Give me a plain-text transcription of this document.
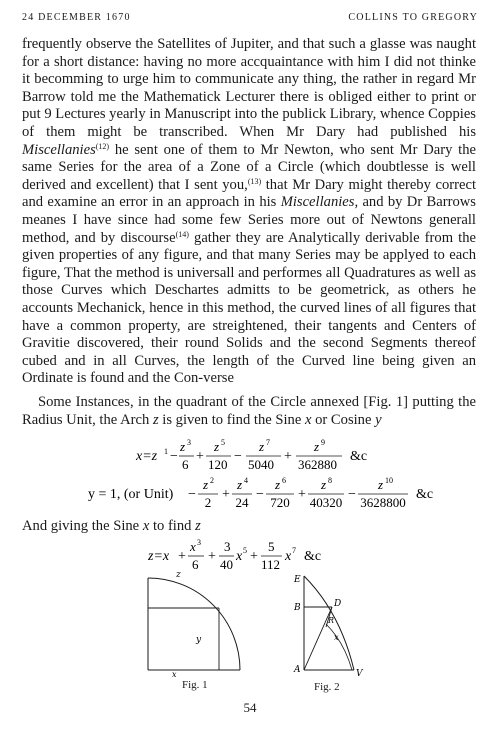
24 DECEMBER 1670	COLLINS TO GREGORY

frequently observe the Satellites of Jupiter, and that such a glasse was naught for a short distance: having no more accquaintance with him I did not thinke it becomming to urge him to communicate any thing, the rather in regard Mr Barrow told me the Mathematick Lecturer there is obliged either to print or put 9 Lectures yearly in Manuscript into the publick Library, whence Coppies of them might be transcribed. When Mr Dary had published his Miscellanies$^{(12)}$ he sent one of them to Mr Newton, who sent Mr Dary the same Series for the area of a Zone of a Circle (which doubtlesse is well derived and excellent) that I sent you,$^{(13)}$ that Mr Dary might thereby correct and examine an error in an approach in his Miscellanies, and by Dr Barrows meanes I have since had some few Series more out of Newtons generall method, and by discourse$^{(14)}$ gather they are Analytically derivable from the given properties of any figure, and that many Series may be applyed to each figure, That the method is universall and performes all Quadratures as well as those Curves which Deschartes admitts to be geometrick, as others he accounts Mechanick, hence in this method, the curved lines of all figures that have a common property, are streightened, their tangents and Centers of Gravitie discovered, their round Solids and the second Segments thereof cubed and in all Curves, the length of the Curved line being given an Ordinate is found and the Con-verse

Some Instances, in the quadrant of the Circle annexed [Fig. 1] putting the Radius Unit, the Arch z is given to find the Sine x or Cosine y

x=z 1 −
z 3
6
+
z 5
120
−
z 7
5040
+
z 9
362880
&c
y = 1, (or Unit) −
z 2
2
+
z 4
24
−
z 6
720
+
z 8
40320
−
z 10
3628800
&c

And giving the Sine x to find z

z=x +
x 3
6
+
3
40
x 5 +
5
112
x 7 &c
z
y
x
Fig. 1
E
B	D
R
x
A	V
Fig. 2
54
